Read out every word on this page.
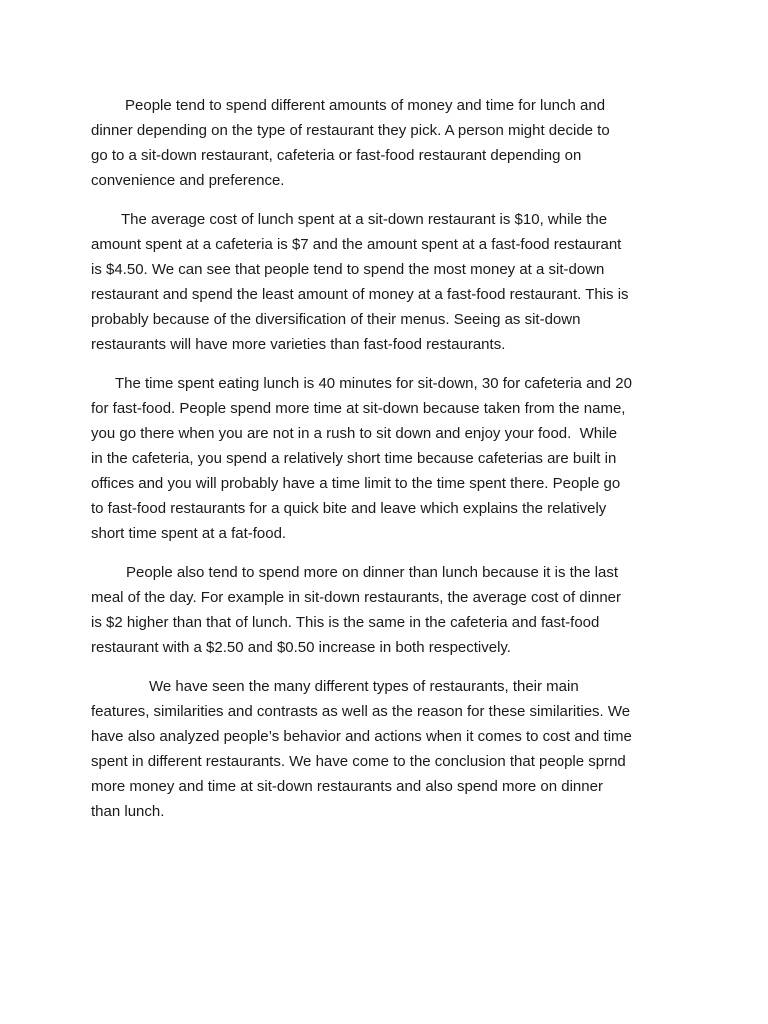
People tend to spend different amounts of money and time for lunch and
dinner depending on the type of restaurant they pick. A person might decide to
go to a sit-down restaurant, cafeteria or fast-food restaurant depending on
convenience and preference.

The average cost of lunch spent at a sit-down restaurant is $10, while the
amount spent at a cafeteria is $7 and the amount spent at a fast-food restaurant
is $4.50. We can see that people tend to spend the most money at a sit-down
restaurant and spend the least amount of money at a fast-food restaurant. This is
probably because of the diversification of their menus. Seeing as sit-down
restaurants will have more varieties than fast-food restaurants.

The time spent eating lunch is 40 minutes for sit-down, 30 for cafeteria and 20
for fast-food. People spend more time at sit-down because taken from the name,
you go there when you are not in a rush to sit down and enjoy your food.  While
in the cafeteria, you spend a relatively short time because cafeterias are built in
offices and you will probably have a time limit to the time spent there. People go
to fast-food restaurants for a quick bite and leave which explains the relatively
short time spent at a fat-food.

People also tend to spend more on dinner than lunch because it is the last
meal of the day. For example in sit-down restaurants, the average cost of dinner
is $2 higher than that of lunch. This is the same in the cafeteria and fast-food
restaurant with a $2.50 and $0.50 increase in both respectively.

We have seen the many different types of restaurants, their main
features, similarities and contrasts as well as the reason for these similarities. We
have also analyzed people’s behavior and actions when it comes to cost and time
spent in different restaurants. We have come to the conclusion that people sprnd
more money and time at sit-down restaurants and also spend more on dinner
than lunch.
